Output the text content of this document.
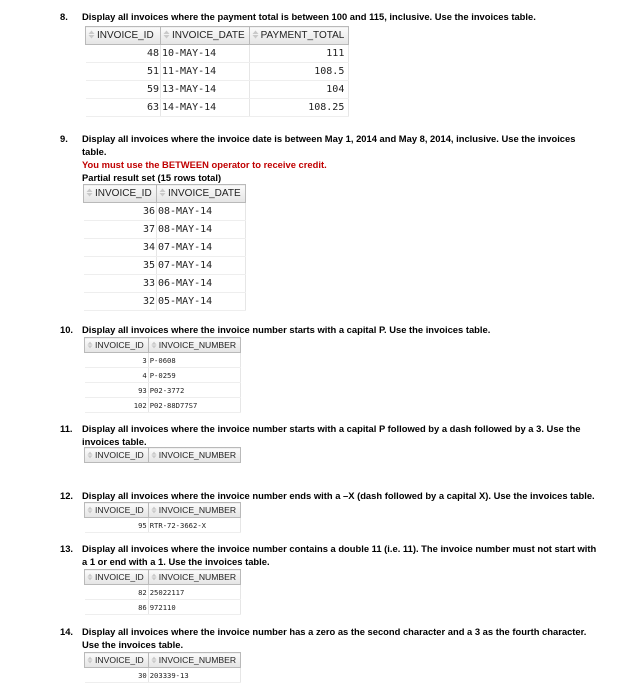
8. Display all invoices where the payment total is between 100 and 115, inclusive. Use the invoices table.
INVOICE_ID	INVOICE_DATE	PAYMENT_TOTAL
48	10-MAY-14	111
51	11-MAY-14	108.5
59	13-MAY-14	104
63	14-MAY-14	108.25
9. Display all invoices where the invoice date is between May 1, 2014 and May 8, 2014, inclusive. Use the invoices table.
You must use the BETWEEN operator to receive credit.
Partial result set (15 rows total)
INVOICE_ID	INVOICE_DATE
36	08-MAY-14
37	08-MAY-14
34	07-MAY-14
35	07-MAY-14
33	06-MAY-14
32	05-MAY-14
10. Display all invoices where the invoice number starts with a capital P. Use the invoices table.
INVOICE_ID	INVOICE_NUMBER
3	P-0608
4	P-0259
93	P02-3772
102	P02-88D77S7
11. Display all invoices where the invoice number starts with a capital P followed by a dash followed by a 3. Use the invoices table.
INVOICE_ID	INVOICE_NUMBER
12. Display all invoices where the invoice number ends with a –X (dash followed by a capital X). Use the invoices table.
INVOICE_ID	INVOICE_NUMBER
95	RTR-72-3662-X
13. Display all invoices where the invoice number contains a double 11 (i.e. 11). The invoice number must not start with a 1 or end with a 1. Use the invoices table.
INVOICE_ID	INVOICE_NUMBER
82	25022117
86	972110
14. Display all invoices where the invoice number has a zero as the second character and a 3 as the fourth character. Use the invoices table.
INVOICE_ID	INVOICE_NUMBER
30	203339-13
